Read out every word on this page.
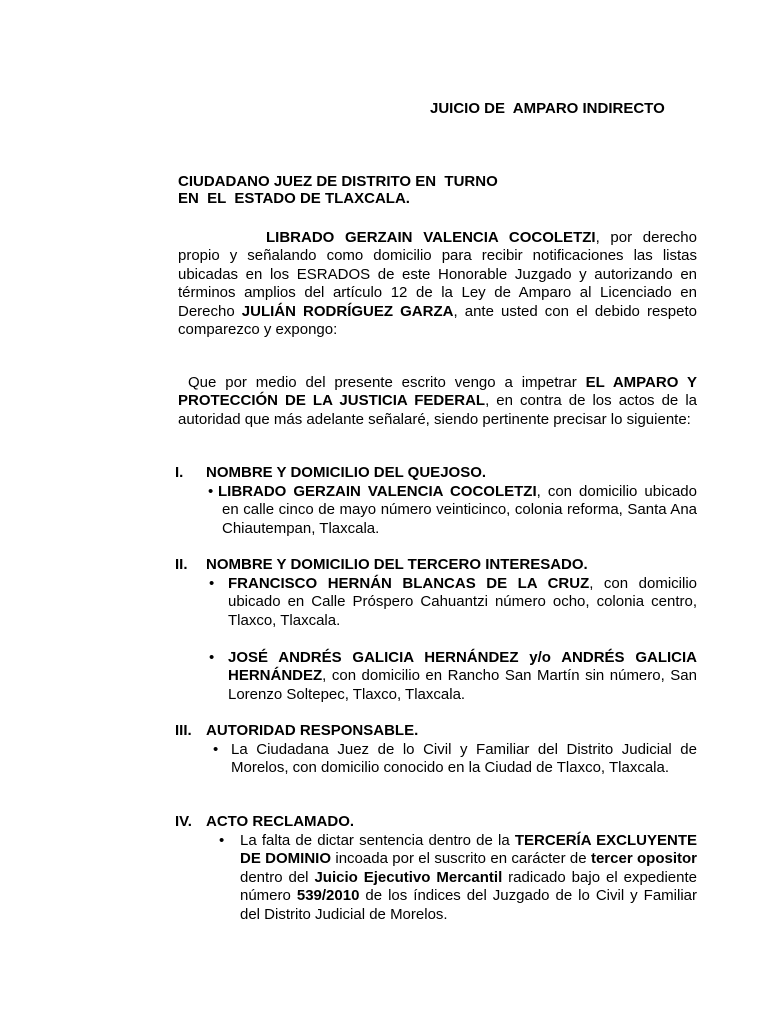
JUICIO DE  AMPARO INDIRECTO
CIUDADANO JUEZ DE DISTRITO EN  TURNO
EN  EL  ESTADO DE TLAXCALA.

LIBRADO GERZAIN VALENCIA COCOLETZI, por derecho propio y señalando como domicilio para recibir notificaciones las listas ubicadas en los ESRADOS de este Honorable Juzgado y autorizando en términos amplios del artículo 12 de la Ley de Amparo al Licenciado en Derecho JULIÁN RODRÍGUEZ GARZA, ante usted con el debido respeto comparezco y expongo:

Que por medio del presente escrito vengo a impetrar EL AMPARO Y PROTECCIÓN DE LA JUSTICIA FEDERAL, en contra de los actos de la autoridad que más adelante señalaré, siendo pertinente precisar lo siguiente:

I. NOMBRE Y DOMICILIO DEL QUEJOSO.
• LIBRADO GERZAIN VALENCIA COCOLETZI, con domicilio ubicado en calle cinco de mayo número veinticinco, colonia reforma, Santa Ana Chiautempan, Tlaxcala.

II. NOMBRE Y DOMICILIO DEL TERCERO INTERESADO.
• FRANCISCO HERNÁN BLANCAS DE LA CRUZ, con domicilio ubicado en Calle Próspero Cahuantzi número ocho, colonia centro, Tlaxco, Tlaxcala.

• JOSÉ ANDRÉS GALICIA HERNÁNDEZ y/o ANDRÉS GALICIA HERNÁNDEZ, con domicilio en Rancho San Martín sin número, San Lorenzo Soltepec, Tlaxco, Tlaxcala.

III. AUTORIDAD RESPONSABLE.
• La Ciudadana Juez de lo Civil y Familiar del Distrito Judicial de Morelos, con domicilio conocido en la Ciudad de Tlaxco, Tlaxcala.

IV. ACTO RECLAMADO.
• La falta de dictar sentencia dentro de la TERCERÍA EXCLUYENTE DE DOMINIO incoada por el suscrito en carácter de tercer opositor dentro del Juicio Ejecutivo Mercantil radicado bajo el expediente número 539/2010 de los índices del Juzgado de lo Civil y Familiar del Distrito Judicial de Morelos.
